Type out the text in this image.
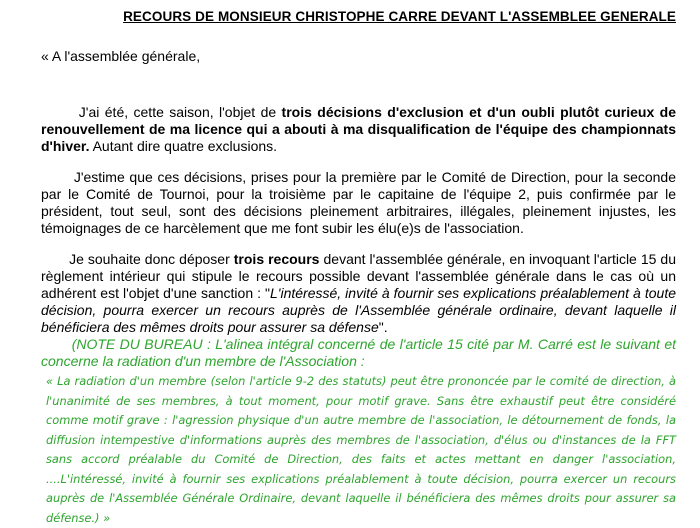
RECOURS DE MONSIEUR CHRISTOPHE CARRE DEVANT L'ASSEMBLEE GENERALE

« A l'assemblée générale,

J'ai été, cette saison, l'objet de trois décisions d'exclusion et d'un oubli plutôt curieux de renouvellement de ma licence qui a abouti à ma disqualification de l'équipe des championnats d'hiver. Autant dire quatre exclusions.

J'estime que ces décisions, prises pour la première par le Comité de Direction, pour la seconde par le Comité de Tournoi, pour la troisième par le capitaine de l'équipe 2, puis confirmée par le président, tout seul, sont des décisions pleinement arbitraires, illégales, pleinement injustes, les témoignages de ce harcèlement que me font subir les élu(e)s de l'association.

Je souhaite donc déposer trois recours devant l'assemblée générale, en invoquant l'article 15 du règlement intérieur qui stipule le recours possible devant l'assemblée générale dans le cas où un adhérent est l'objet d'une sanction : "L'intéressé, invité à fournir ses explications préalablement à toute décision, pourra exercer un recours auprès de l'Assemblée générale ordinaire, devant laquelle il bénéficiera des mêmes droits pour assurer sa défense".

(NOTE DU BUREAU : L'alinea intégral concerné de l'article 15 cité par M. Carré est le suivant et concerne la radiation d'un membre de l'Association :

« La radiation d'un membre (selon l'article 9-2 des statuts) peut être prononcée par le comité de direction, à l'unanimité de ses membres, à tout moment, pour motif grave. Sans être exhaustif peut être considéré comme motif grave : l'agression physique d'un autre membre de l'association, le détournement de fonds, la diffusion intempestive d'informations auprès des membres de l'association, d'élus ou d'instances de la FFT sans accord préalable du Comité de Direction, des faits et actes mettant en danger l'association, ....L'intéressé, invité à fournir ses explications préalablement à toute décision, pourra exercer un recours auprès de l'Assemblée Générale Ordinaire, devant laquelle il bénéficiera des mêmes droits pour assurer sa défense.) »
